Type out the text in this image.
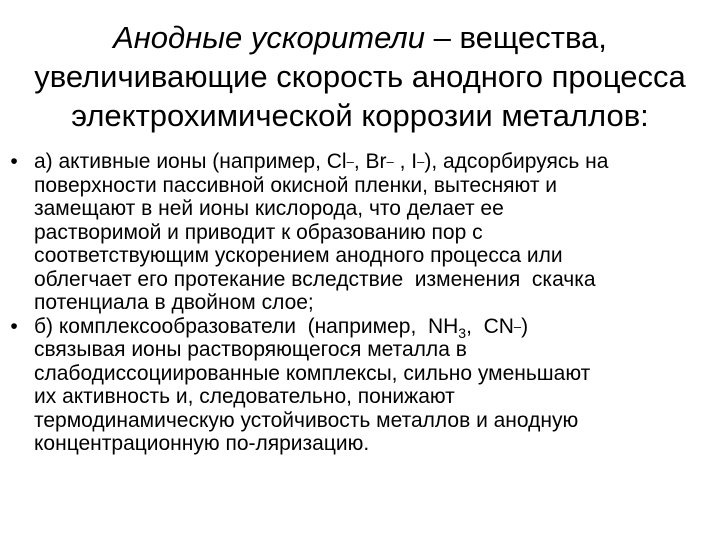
Анодные ускорители – вещества,
увеличивающие скорость анодного процесса
электрохимической коррозии металлов:
• а) активные ионы (например, Cl–, Br– , I–), адсорбируясь на
поверхности пассивной окисной пленки, вытесняют и
замещают в ней ионы кислорода, что делает ее
растворимой и приводит к образованию пор с
соответствующим ускорением анодного процесса или
облегчает его протекание вследствие  изменения  скачка
потенциала в двойном слое;
• б) комплексообразователи  (например,  $NH_3$,  CN–)
связывая ионы растворяющегося металла в
слабодиссоциированные комплексы, сильно уменьшают
их активность и, следовательно, понижают
термодинамическую устойчивость металлов и анодную
концентрационную по-ляризацию.
